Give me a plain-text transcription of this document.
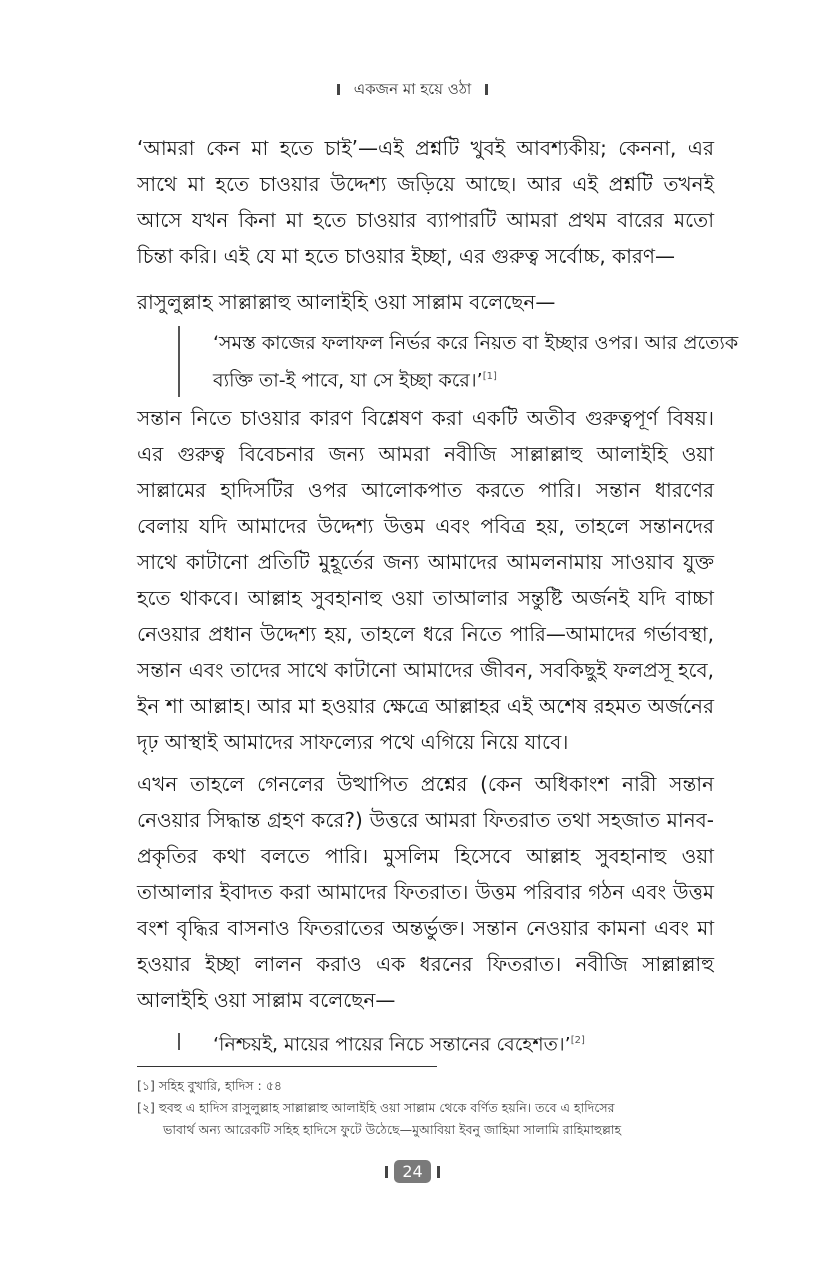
একজন মা হয়ে ওঠা

‘আমরা কেন মা হতে চাই’—এই প্রশ্নটি খুবই আবশ্যকীয়; কেননা, এর সাথে মা হতে চাওয়ার উদ্দেশ্য জড়িয়ে আছে। আর এই প্রশ্নটি তখনই আসে যখন কিনা মা হতে চাওয়ার ব্যাপারটি আমরা প্রথম বারের মতো চিন্তা করি। এই যে মা হতে চাওয়ার ইচ্ছা, এর গুরুত্ব সর্বোচ্চ, কারণ—

রাসুলুল্লাহ সাল্লাল্লাহু আলাইহি ওয়া সাল্লাম বলেছেন—

‘সমস্ত কাজের ফলাফল নির্ভর করে নিয়ত বা ইচ্ছার ওপর। আর প্রত্যেক ব্যক্তি তা-ই পাবে, যা সে ইচ্ছা করে।’[1]

সন্তান নিতে চাওয়ার কারণ বিশ্লেষণ করা একটি অতীব গুরুত্বপূর্ণ বিষয়। এর গুরুত্ব বিবেচনার জন্য আমরা নবীজি সাল্লাল্লাহু আলাইহি ওয়া সাল্লামের হাদিসটির ওপর আলোকপাত করতে পারি। সন্তান ধারণের বেলায় যদি আমাদের উদ্দেশ্য উত্তম এবং পবিত্র হয়, তাহলে সন্তানদের সাথে কাটানো প্রতিটি মুহূর্তের জন্য আমাদের আমলনামায় সাওয়াব যুক্ত হতে থাকবে। আল্লাহ সুবহানাহু ওয়া তাআলার সন্তুষ্টি অর্জনই যদি বাচ্চা নেওয়ার প্রধান উদ্দেশ্য হয়, তাহলে ধরে নিতে পারি—আমাদের গর্ভাবস্থা, সন্তান এবং তাদের সাথে কাটানো আমাদের জীবন, সবকিছুই ফলপ্রসূ হবে, ইন শা আল্লাহ। আর মা হওয়ার ক্ষেত্রে আল্লাহর এই অশেষ রহমত অর্জনের দৃঢ় আস্থাই আমাদের সাফল্যের পথে এগিয়ে নিয়ে যাবে।

এখন তাহলে গেনলের উত্থাপিত প্রশ্নের (কেন অধিকাংশ নারী সন্তান নেওয়ার সিদ্ধান্ত গ্রহণ করে?) উত্তরে আমরা ফিতরাত তথা সহজাত মানব-প্রকৃতির কথা বলতে পারি। মুসলিম হিসেবে আল্লাহ সুবহানাহু ওয়া তাআলার ইবাদত করা আমাদের ফিতরাত। উত্তম পরিবার গঠন এবং উত্তম বংশ বৃদ্ধির বাসনাও ফিতরাতের অন্তর্ভুক্ত। সন্তান নেওয়ার কামনা এবং মা হওয়ার ইচ্ছা লালন করাও এক ধরনের ফিতরাত। নবীজি সাল্লাল্লাহু আলাইহি ওয়া সাল্লাম বলেছেন—

‘নিশ্চয়ই, মায়ের পায়ের নিচে সন্তানের বেহেশত।’[2]

[১] সহিহ বুখারি, হাদিস : ৫৪
[২] হুবহু এ হাদিস রাসুলুল্লাহ সাল্লাল্লাহু আলাইহি ওয়া সাল্লাম থেকে বর্ণিত হয়নি। তবে এ হাদিসের
ভাবার্থ অন্য আরেকটি সহিহ হাদিসে ফুটে উঠেছে—মুআবিয়া ইবনু জাহিমা সালামি রাহিমাহুল্লাহ
24
